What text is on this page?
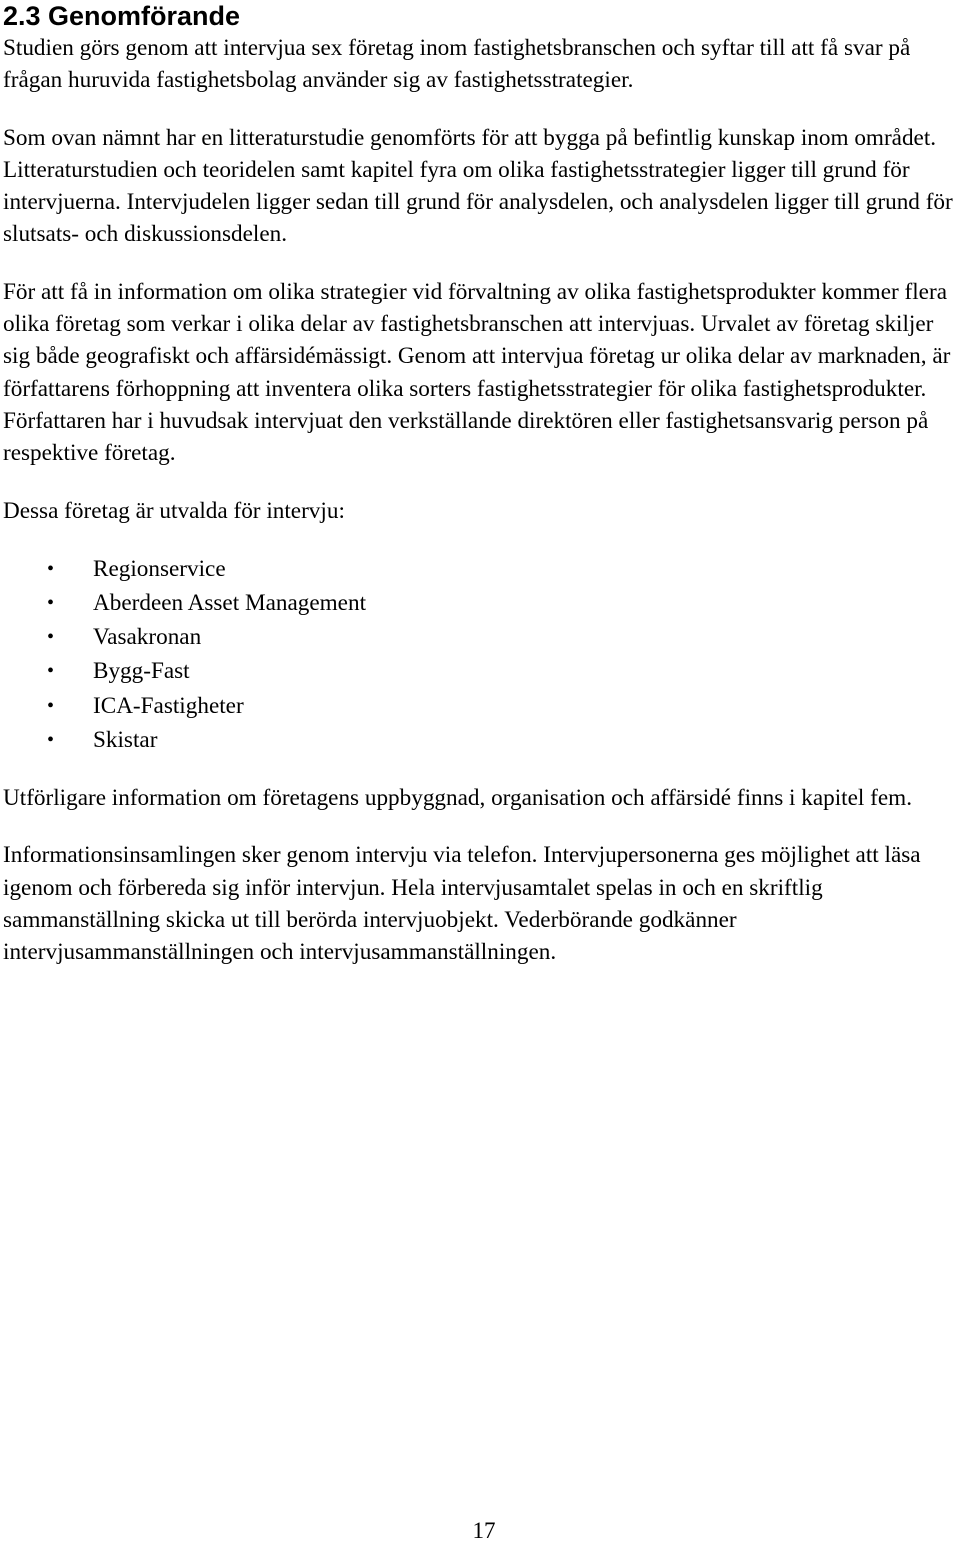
2.3 Genomförande

Studien görs genom att intervjua sex företag inom fastighetsbranschen och syftar till att få svar på frågan huruvida fastighetsbolag använder sig av fastighetsstrategier.

Som ovan nämnt har en litteraturstudie genomförts för att bygga på befintlig kunskap inom området. Litteraturstudien och teoridelen samt kapitel fyra om olika fastighetsstrategier ligger till grund för intervjuerna. Intervjudelen ligger sedan till grund för analysdelen, och analysdelen ligger till grund för slutsats- och diskussionsdelen.

För att få in information om olika strategier vid förvaltning av olika fastighetsprodukter kommer flera olika företag som verkar i olika delar av fastighetsbranschen att intervjuas. Urvalet av företag skiljer sig både geografiskt och affärsidémässigt. Genom att intervjua företag ur olika delar av marknaden, är författarens förhoppning att inventera olika sorters fastighetsstrategier för olika fastighetsprodukter. Författaren har i huvudsak intervjuat den verkställande direktören eller fastighetsansvarig person på respektive företag.

Dessa företag är utvalda för intervju:

• Regionservice
• Aberdeen Asset Management
• Vasakronan
• Bygg-Fast
• ICA-Fastigheter
• Skistar

Utförligare information om företagens uppbyggnad, organisation och affärsidé finns i kapitel fem.

Informationsinsamlingen sker genom intervju via telefon. Intervjupersonerna ges möjlighet att läsa igenom och förbereda sig inför intervjun. Hela intervjusamtalet spelas in och en skriftlig sammanställning skicka ut till berörda intervjuobjekt. Vederbörande godkänner intervjusammanställningen och intervjusammanställningen.

17
